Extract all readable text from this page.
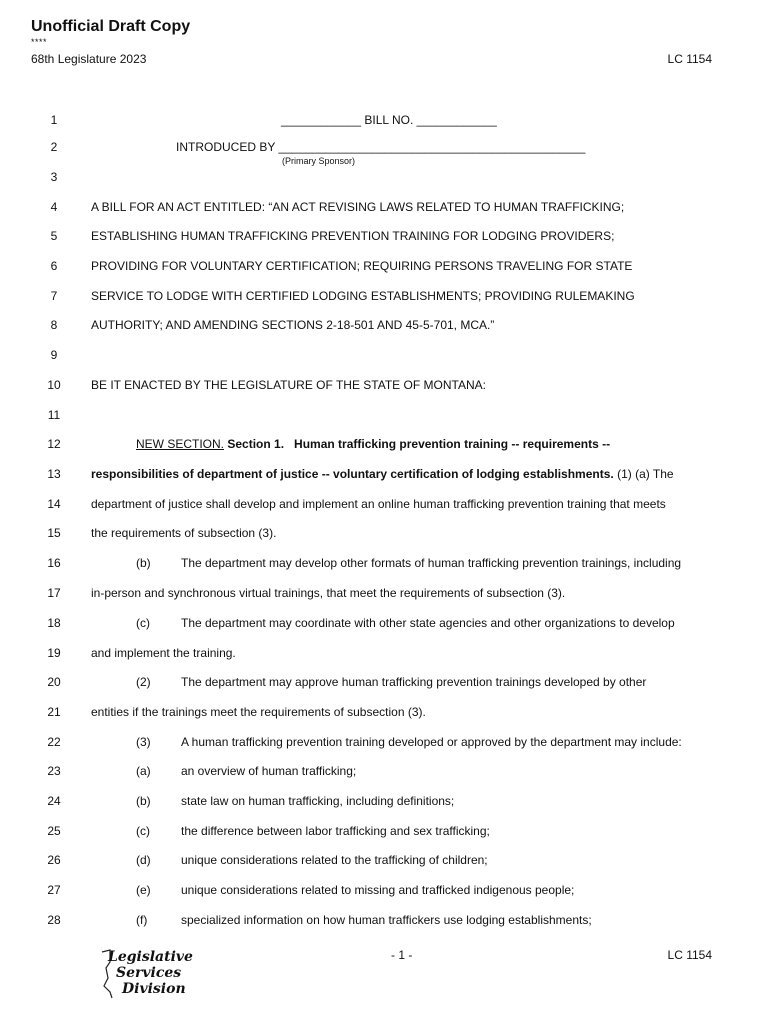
Unofficial Draft Copy
****
68th Legislature 2023	LC 1154
1	____________ BILL NO. ____________
2	INTRODUCED BY ______________________________________________
(Primary Sponsor)
3
4	A BILL FOR AN ACT ENTITLED: “AN ACT REVISING LAWS RELATED TO HUMAN TRAFFICKING;
5	ESTABLISHING HUMAN TRAFFICKING PREVENTION TRAINING FOR LODGING PROVIDERS;
6	PROVIDING FOR VOLUNTARY CERTIFICATION; REQUIRING PERSONS TRAVELING FOR STATE
7	SERVICE TO LODGE WITH CERTIFIED LODGING ESTABLISHMENTS; PROVIDING RULEMAKING
8	AUTHORITY; AND AMENDING SECTIONS 2-18-501 AND 45-5-701, MCA.”
9
10	BE IT ENACTED BY THE LEGISLATURE OF THE STATE OF MONTANA:
11
12	NEW SECTION. Section 1. Human trafficking prevention training -- requirements --
13	responsibilities of department of justice -- voluntary certification of lodging establishments. (1) (a) The
14	department of justice shall develop and implement an online human trafficking prevention training that meets
15	the requirements of subsection (3).
16	(b)	The department may develop other formats of human trafficking prevention trainings, including
17	in-person and synchronous virtual trainings, that meet the requirements of subsection (3).
18	(c)	The department may coordinate with other state agencies and other organizations to develop
19	and implement the training.
20	(2)	The department may approve human trafficking prevention trainings developed by other
21	entities if the trainings meet the requirements of subsection (3).
22	(3)	A human trafficking prevention training developed or approved by the department may include:
23	(a)	an overview of human trafficking;
24	(b)	state law on human trafficking, including definitions;
25	(c)	the difference between labor trafficking and sex trafficking;
26	(d)	unique considerations related to the trafficking of children;
27	(e)	unique considerations related to missing and trafficked indigenous people;
28	(f)	specialized information on how human traffickers use lodging establishments;
Legislative
Services
Division
- 1 -	LC 1154
